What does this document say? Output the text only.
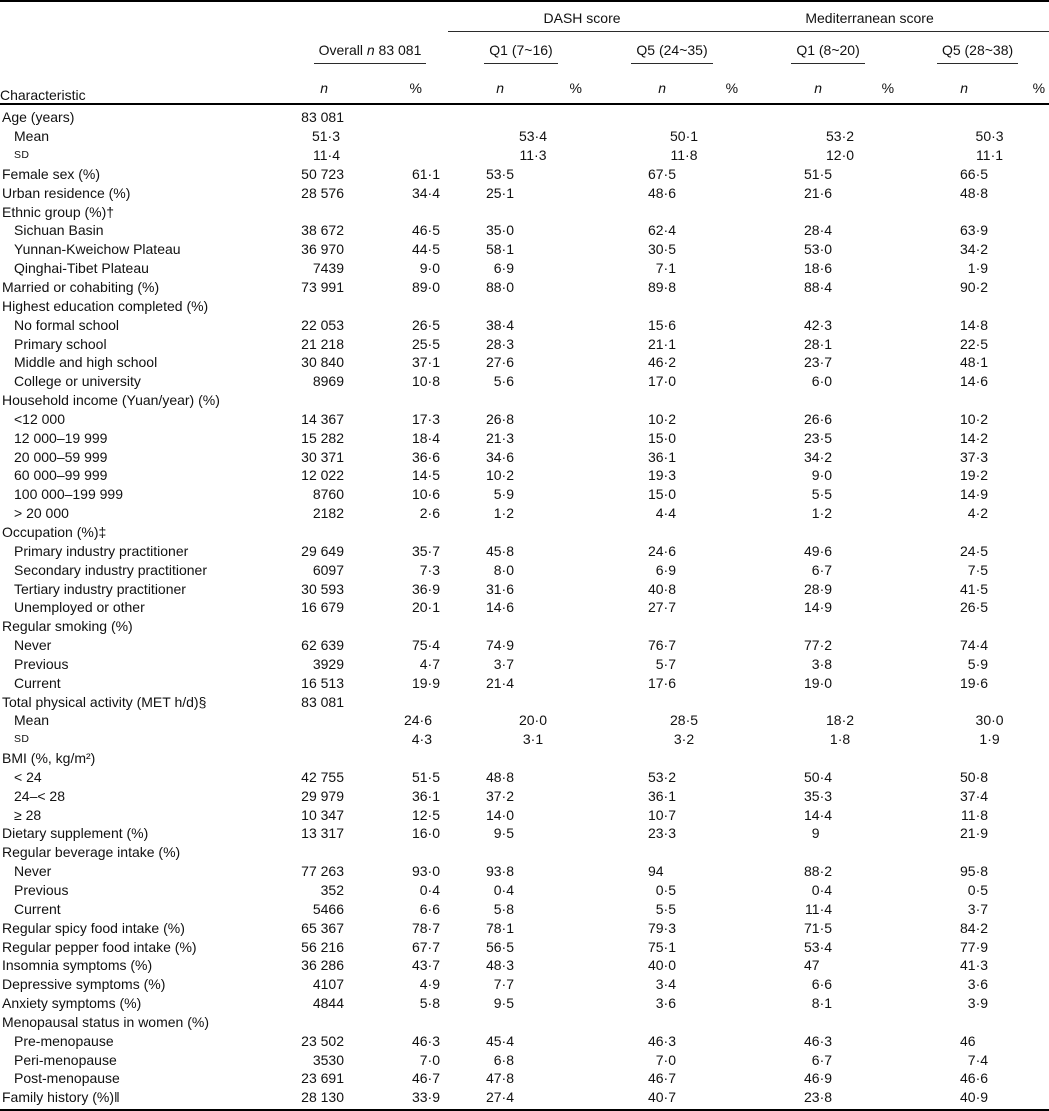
Characteristic			DASH score				Mediterranean score			

	Overall n 83 081		Q1 (7~16)		Q5 (24~35)		Q1 (8~20)		Q5 (28~38)	
	n	%	n	%	n	%	n	%	n	%
Age (years)	83 081									
Mean	51·3		53·4		50·1		53·2		50·3	
SD	11·4		11·3		11·8		12·0		11·1	
Female sex (%)	50 723	61·1	53·5		67·5		51·5		66·5	
Urban residence (%)	28 576	34·4	25·1		48·6		21·6		48·8	
Ethnic group (%)†										
Sichuan Basin	38 672	46·5	35·0		62·4		28·4		63·9	
Yunnan-Kweichow Plateau	36 970	44·5	58·1		30·5		53·0		34·2	
Qinghai-Tibet Plateau	7439	9·0	6·9		7·1		18·6		1·9	
Married or cohabiting (%)	73 991	89·0	88·0		89·8		88·4		90·2	
Highest education completed (%)										
No formal school	22 053	26·5	38·4		15·6		42·3		14·8	
Primary school	21 218	25·5	28·3		21·1		28·1		22·5	
Middle and high school	30 840	37·1	27·6		46·2		23·7		48·1	
College or university	8969	10·8	5·6		17·0		6·0		14·6	
Household income (Yuan/year) (%)										
<12 000	14 367	17·3	26·8		10·2		26·6		10·2	
12 000–19 999	15 282	18·4	21·3		15·0		23·5		14·2	
20 000–59 999	30 371	36·6	34·6		36·1		34·2		37·3	
60 000–99 999	12 022	14·5	10·2		19·3		9·0		19·2	
100 000–199 999	8760	10·6	5·9		15·0		5·5		14·9	
> 20 000	2182	2·6	1·2		4·4		1·2		4·2	
Occupation (%)‡										
Primary industry practitioner	29 649	35·7	45·8		24·6		49·6		24·5	
Secondary industry practitioner	6097	7·3	8·0		6·9		6·7		7·5	
Tertiary industry practitioner	30 593	36·9	31·6		40·8		28·9		41·5	
Unemployed or other	16 679	20·1	14·6		27·7		14·9		26·5	
Regular smoking (%)										
Never	62 639	75·4	74·9		76·7		77·2		74·4	
Previous	3929	4·7	3·7		5·7		3·8		5·9	
Current	16 513	19·9	21·4		17·6		19·0		19·6	
Total physical activity (MET h/d)§	83 081									
Mean	24·6		20·0		28·5		18·2		30·0	
SD	4·3		3·1		3·2		1·8		1·9	
BMI (%, kg/m²)										
< 24	42 755	51·5	48·8		53·2		50·4		50·8	
24–< 28	29 979	36·1	37·2		36·1		35·3		37·4	
≥ 28	10 347	12·5	14·0		10·7		14·4		11·8	
Dietary supplement (%)	13 317	16·0	9·5		23·3		9		21·9	
Regular beverage intake (%)										
Never	77 263	93·0	93·8		94		88·2		95·8	
Previous	352	0·4	0·4		0·5		0·4		0·5	
Current	5466	6·6	5·8		5·5		11·4		3·7	
Regular spicy food intake (%)	65 367	78·7	78·1		79·3		71·5		84·2	
Regular pepper food intake (%)	56 216	67·7	56·5		75·1		53·4		77·9	
Insomnia symptoms (%)	36 286	43·7	48·3		40·0		47		41·3	
Depressive symptoms (%)	4107	4·9	7·7		3·4		6·6		3·6	
Anxiety symptoms (%)	4844	5·8	9·5		3·6		8·1		3·9	
Menopausal status in women (%)										
Pre-menopause	23 502	46·3	45·4		46·3		46·3		46	
Peri-menopause	3530	7·0	6·8		7·0		6·7		7·4	
Post-menopause	23 691	46·7	47·8		46·7		46·9		46·6	
Family history (%)‖	28 130	33·9	27·4		40·7		23·8		40·9	
